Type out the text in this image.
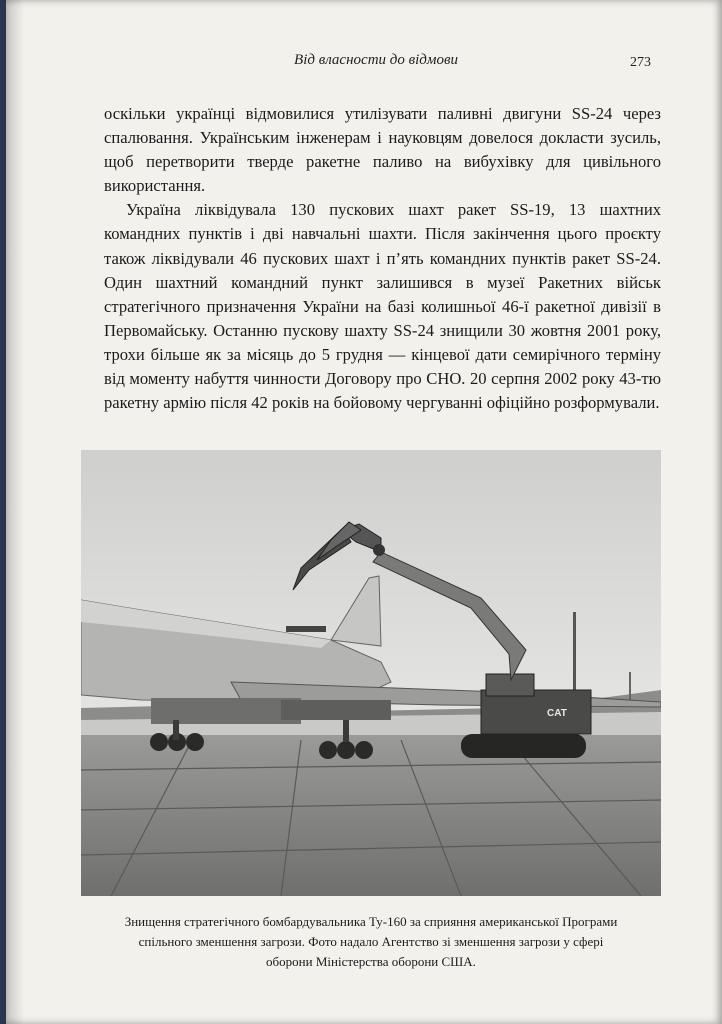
Від власности до відмови	273

оскільки українці відмовилися утилізувати паливні двигуни SS-24 через спалювання. Українським інженерам і науковцям довелося докласти зусиль, щоб перетворити тверде ракетне паливо на вибухівку для цивільного використання.

Україна ліквідувала 130 пускових шахт ракет SS-19, 13 шахтних командних пунктів і дві навчальні шахти. Після закінчення цього проєкту також ліквідували 46 пускових шахт і п’ять командних пунктів ракет SS-24. Один шахтний командний пункт залишився в музеї Ракетних військ стратегічного призначення України на базі колишньої 46-ї ракетної дивізії в Первомайську. Останню пускову шахту SS-24 знищили 30 жовтня 2001 року, трохи більше як за місяць до 5 грудня — кінцевої дати семирічного терміну від моменту набуття чинности Договору про СНО. 20 серпня 2002 року 43-тю ракетну армію після 42 років на бойовому чергуванні офіційно розформували.

CAT
Знищення стратегічного бомбардувальника Ту-160 за сприяння американської Програми спільного зменшення загрози. Фото надало Агентство зі зменшення загрози у сфері оборони Міністерства оборони США.
